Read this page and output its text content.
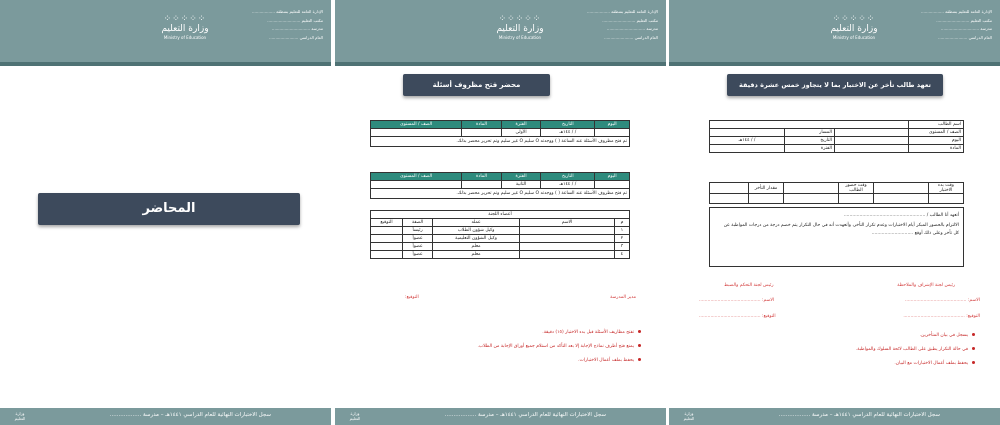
⁘⁘⁘⁘⁘
وزارة التعليم
Ministry of Education
الإدارة العامة للتعليم بمنطقة ..................
مكتب التعليم ..........................
مدرسة ..............................
العام الدراسي .......................
المحاضر
وزارة التعليم
سجل الاختبارات النهائية للعام الدراسي ١٤٤١هـ – مدرسة ..................
⁘⁘⁘⁘⁘
وزارة التعليم
Ministry of Education
الإدارة العامة للتعليم بمنطقة ..................
مكتب التعليم ..........................
مدرسة ..............................
العام الدراسي .......................
محضر فتح مظروف أسئلة
اليوم	التاريخ	الفترة	المادة	الصف / المستوى
	/ / ١٤٤هـ	الأولى		
تم فتح مظروف الأسئلة عند الساعة ( ) ووجدته O سليم O غير سليم وتم تحرير محضر بذلك.				
اليوم	التاريخ	الفترة	المادة	الصف / المستوى
	/ / ١٤٤هـ	الثانية		
تم فتح مظروف الأسئلة عند الساعة ( ) ووجدته O سليم O غير سليم وتم تحرير محضر بذلك.				
أعضاء اللجنة				
م	الاسم	عمله	الصفة	التوقيع
١		وكيل شؤون الطلاب	رئيساً	
٢		وكيل الشؤون التعليمية	عضواً	
٣		معلم	عضواً	
٤		معلم	عضواً	
مدير المدرسة
التوقيع:
تفتح مظاريف الأسئلة قبل بدء الاختبار (١٥) دقيقة.
يمنع فتح أظرف نماذج الإجابة إلا بعد التأكد من استلام جميع أوراق الإجابة من الطلاب.
يحفظ بملف أعمال الاختبارات.
وزارة التعليم
سجل الاختبارات النهائية للعام الدراسي ١٤٤١هـ – مدرسة ..................
⁘⁘⁘⁘⁘
وزارة التعليم
Ministry of Education
الإدارة العامة للتعليم بمنطقة ..................
مكتب التعليم ..........................
مدرسة ..............................
العام الدراسي .......................
تعهد طالب تأخر عن الاختبار بما لا يتجاوز خمس عشرة دقيقة
اسم الطالب			
الصف / المستوى		المسار	
اليوم		التاريخ	/ / ١٤٤هـ
المادة		الفترة	
وقت بدء الاختبار		وقت حضور الطالب		مقدار التأخر	

أتعهد أنا الطالب / .........................................................
الالتزام بالحضور المبكر أيام الاختبارات وعدم تكرار التأخر، وأتعهدت أنه في حال التكرار يتم خصم درجة من درجات المواظبة عن كل تأخر وعلى ذلك أوقع .............................
رئيس لجنة الإشراف والملاحظة
رئيس لجنة التحكم والضبط
الاسم: ...........................................
الاسم: ...........................................
التوقيع: ...........................................
التوقيع: ...........................................
يسجل في بيان المتأخرين.
في حالة التكرار يطبق على الطالب لائحة السلوك والمواظبة.
يحفظ بملف أعمال الاختبارات مع البيان.
وزارة التعليم
سجل الاختبارات النهائية للعام الدراسي ١٤٤١هـ – مدرسة ..................
